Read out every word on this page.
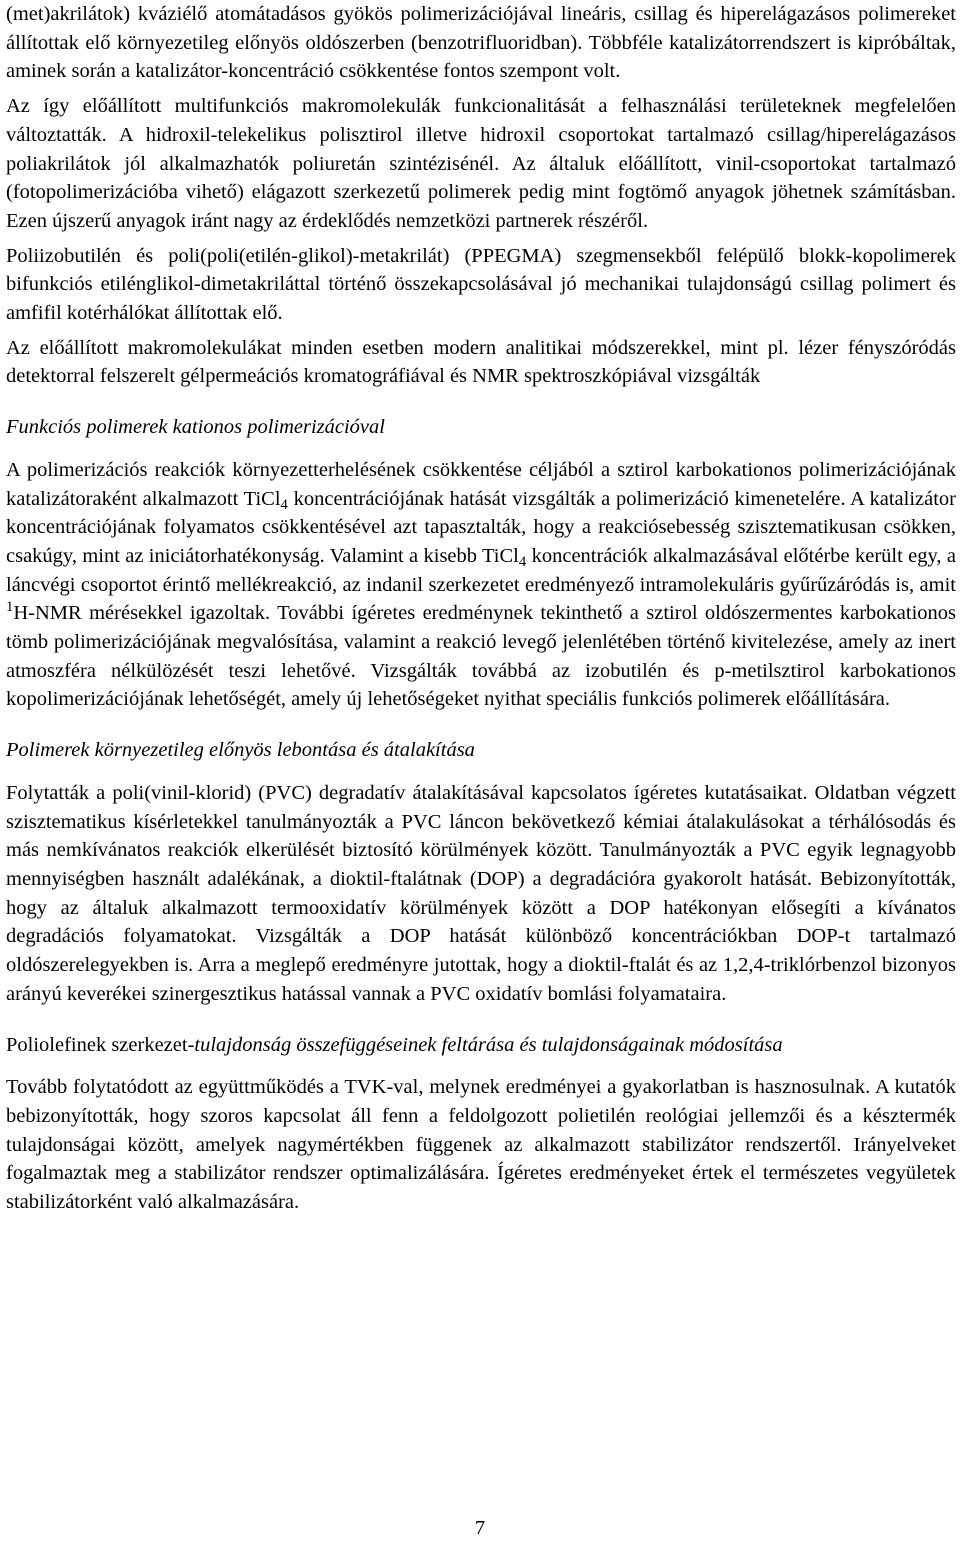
(met)akrilátok) kváziélő atomátadásos gyökös polimerizációjával lineáris, csillag és hiperelágazásos polimereket állítottak elő környezetileg előnyös oldószerben (benzotrifluoridban). Többféle katalizátorrendszert is kipróbáltak, aminek során a katalizátor-koncentráció csökkentése fontos szempont volt.

Az így előállított multifunkciós makromolekulák funkcionalitását a felhasználási területeknek megfelelően változtatták. A hidroxil-telekelikus polisztirol illetve hidroxil csoportokat tartalmazó csillag/hiperelágazásos poliakrilátok jól alkalmazhatók poliuretán szintézisénél. Az általuk előállított, vinil-csoportokat tartalmazó (fotopolimerizációba vihető) elágazott szerkezetű polimerek pedig mint fogtömő anyagok jöhetnek számításban. Ezen újszerű anyagok iránt nagy az érdeklődés nemzetközi partnerek részéről.

Poliizobutilén és poli(poli(etilén-glikol)-metakrilát) (PPEGMA) szegmensekből felépülő blokk-kopolimerek bifunkciós etilénglikol-dimetakriláttal történő összekapcsolásával jó mechanikai tulajdonságú csillag polimert és amfifil kotérhálókat állítottak elő.

Az előállított makromolekulákat minden esetben modern analitikai módszerekkel, mint pl. lézer fényszóródás detektorral felszerelt gélpermeációs kromatográfiával és NMR spektroszkópiával vizsgálták

Funkciós polimerek kationos polimerizációval

A polimerizációs reakciók környezetterhelésének csökkentése céljából a sztirol karbokationos polimerizációjának katalizátoraként alkalmazott TiCl$_4$ koncentrációjának hatását vizsgálták a polimerizáció kimenetelére. A katalizátor koncentrációjának folyamatos csökkentésével azt tapasztalták, hogy a reakciósebesség szisztematikusan csökken, csakúgy, mint az iniciátorhatékonyság. Valamint a kisebb TiCl$_4$ koncentrációk alkalmazásával előtérbe került egy, a láncvégi csoportot érintő mellékreakció, az indanil szerkezetet eredményező intramolekuláris gyűrűzáródás is, amit $^1$H-NMR mérésekkel igazoltak. További ígéretes eredménynek tekinthető a sztirol oldószermentes karbokationos tömb polimerizációjának megvalósítása, valamint a reakció levegő jelenlétében történő kivitelezése, amely az inert atmoszféra nélkülözését teszi lehetővé. Vizsgálták továbbá az izobutilén és p-metilsztirol karbokationos kopolimerizációjának lehetőségét, amely új lehetőségeket nyithat speciális funkciós polimerek előállítására.

Polimerek környezetileg előnyös lebontása és átalakítása

Folytatták a poli(vinil-klorid) (PVC) degradatív átalakításával kapcsolatos ígéretes kutatásaikat. Oldatban végzett szisztematikus kísérletekkel tanulmányozták a PVC láncon bekövetkező kémiai átalakulásokat a térhálósodás és más nemkívánatos reakciók elkerülését biztosító körülmények között. Tanulmányozták a PVC egyik legnagyobb mennyiségben használt adalékának, a dioktil-ftalátnak (DOP) a degradációra gyakorolt hatását. Bebizonyították, hogy az általuk alkalmazott termooxidatív körülmények között a DOP hatékonyan elősegíti a kívánatos degradációs folyamatokat. Vizsgálták a DOP hatását különböző koncentrációkban DOP-t tartalmazó oldószerelegyekben is. Arra a meglepő eredményre jutottak, hogy a dioktil-ftalát és az 1,2,4-triklórbenzol bizonyos arányú keverékei szinergesztikus hatással vannak a PVC oxidatív bomlási folyamataira.

Poliolefinek szerkezet-tulajdonság összefüggéseinek feltárása és tulajdonságainak módosítása

Tovább folytatódott az együttműködés a TVK-val, melynek eredményei a gyakorlatban is hasznosulnak. A kutatók bebizonyították, hogy szoros kapcsolat áll fenn a feldolgozott polietilén reológiai jellemzői és a késztermék tulajdonságai között, amelyek nagymértékben függenek az alkalmazott stabilizátor rendszertől. Irányelveket fogalmaztak meg a stabilizátor rendszer optimalizálására. Ígéretes eredményeket értek el természetes vegyületek stabilizátorként való alkalmazására.

7
